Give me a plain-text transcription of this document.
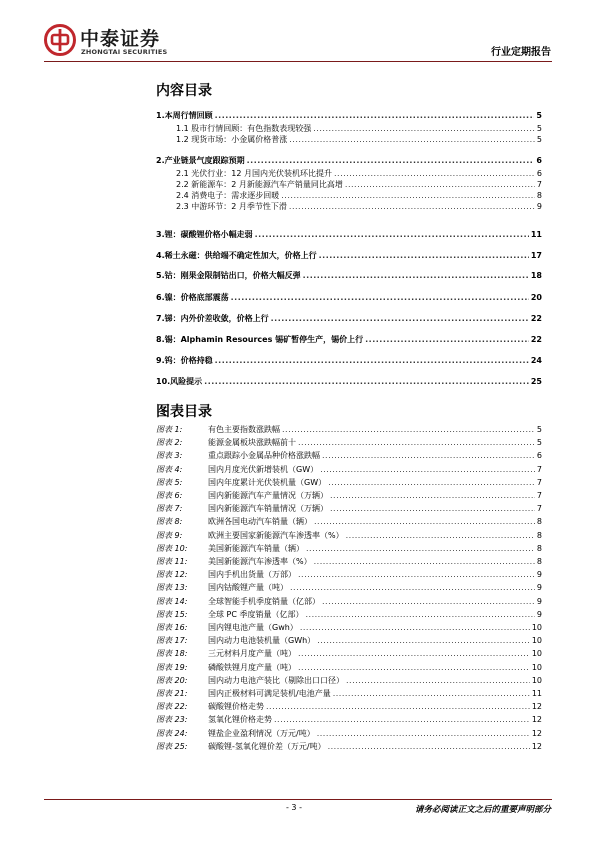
中泰证券
ZHONGTAI SECURITIES	行业定期报告
内容目录
1.本周行情回顾 .....	5
1.1 股市行情回顾：有色指数表现较强 .....	5
1.2 现货市场：小金属价格普涨 .....	5
2.产业链景气度跟踪预期 .....	6
2.1 光伏行业：12 月国内光伏装机环比提升 .....	6
2.2 新能源车：2 月新能源汽车产销量同比高增 .....	7
2.4 消费电子：需求逐步回暖 .....	8
2.3 中游环节：2 月季节性下滑 .....	9
3.锂：碳酸锂价格小幅走弱 .....	11
4.稀土永磁：供给端不确定性加大，价格上行 .....	17
5.钴：刚果金限制钴出口，价格大幅反弹 .....	18
6.镍：价格底部震荡 .....	20
7.锑：内外价差收敛，价格上行 .....	22
8.锡：Alphamin Resources 锡矿暂停生产，锡价上行 .....	22
9.钨：价格持稳 .....	24
10.风险提示 .....	25
图表目录
图表 1:	有色主要指数涨跌幅 .....	5
图表 2:	能源金属板块涨跌幅前十 .....	5
图表 3:	重点跟踪小金属品种价格涨跌幅 .....	6
图表 4:	国内月度光伏新增装机（GW） .....	7
图表 5:	国内年度累计光伏装机量（GW） .....	7
图表 6:	国内新能源汽车产量情况（万辆） .....	7
图表 7:	国内新能源汽车销量情况（万辆） .....	7
图表 8:	欧洲各国电动汽车销量（辆） .....	8
图表 9:	欧洲主要国家新能源汽车渗透率（%） .....	8
图表 10:	美国新能源汽车销量（辆） .....	8
图表 11:	美国新能源汽车渗透率（%） .....	8
图表 12:	国内手机出货量（万部） .....	9
图表 13:	国内钴酸锂产量（吨） .....	9
图表 14:	全球智能手机季度销量（亿部） .....	9
图表 15:	全球 PC 季度销量（亿部） .....	9
图表 16:	国内锂电池产量（Gwh） .....	10
图表 17:	国内动力电池装机量（GWh） .....	10
图表 18:	三元材料月度产量（吨） .....	10
图表 19:	磷酸铁锂月度产量（吨） .....	10
图表 20:	国内动力电池产装比（剔除出口口径） .....	10
图表 21:	国内正极材料可满足装机/电池产量 .....	11
图表 22:	碳酸锂价格走势 .....	12
图表 23:	氢氧化锂价格走势 .....	12
图表 24:	锂盐企业盈利情况（万元/吨） .....	12
图表 25:	碳酸锂-氢氧化锂价差（万元/吨） .....	12
- 3 -	请务必阅读正文之后的重要声明部分
